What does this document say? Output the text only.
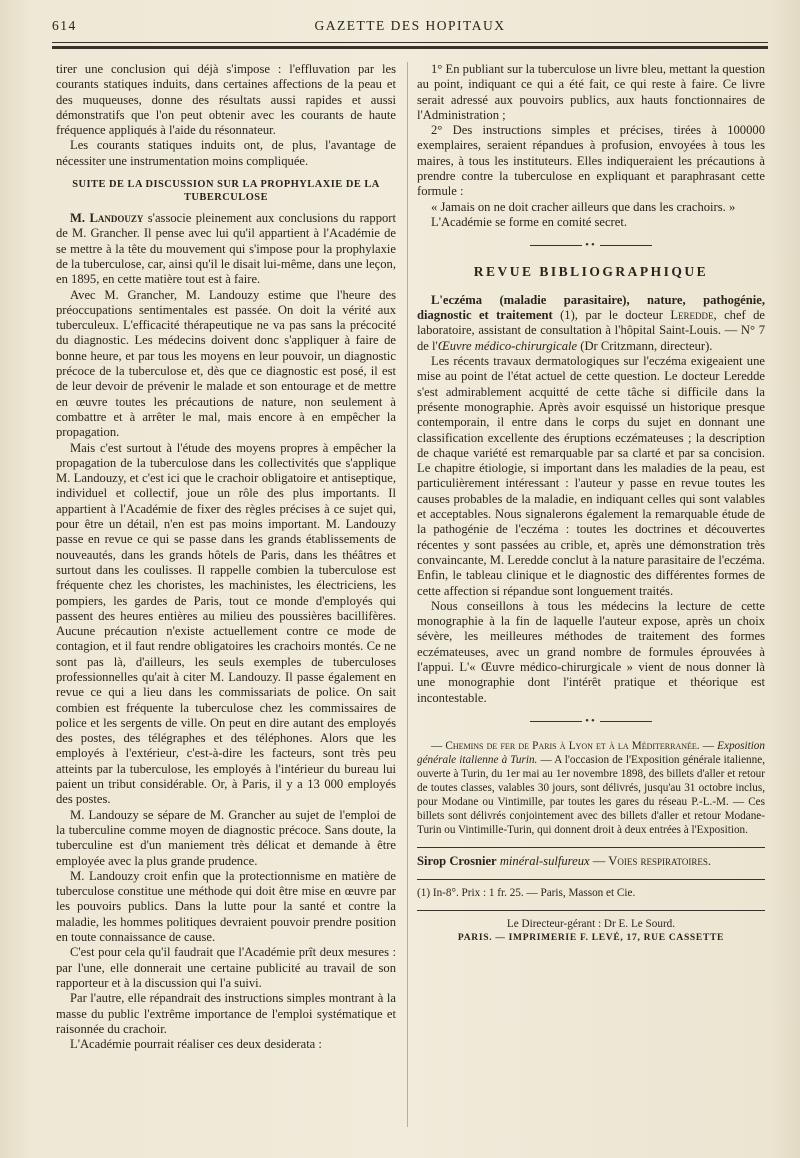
614	GAZETTE DES HOPITAUX

tirer une conclusion qui déjà s'impose : l'effluvation par les courants statiques induits, dans certaines affections de la peau et des muqueuses, donne des résultats aussi rapides et aussi démonstratifs que l'on peut obtenir avec les courants de haute fréquence appliqués à l'aide du résonnateur.

Les courants statiques induits ont, de plus, l'avantage de nécessiter une instrumentation moins compliquée.

SUITE DE LA DISCUSSION SUR LA PROPHYLAXIE DE LA TUBERCULOSE

M. Landouzy s'associe pleinement aux conclusions du rapport de M. Grancher. Il pense avec lui qu'il appartient à l'Académie de se mettre à la tête du mouvement qui s'impose pour la prophylaxie de la tuberculose, car, ainsi qu'il le disait lui-même, dans une leçon, en 1895, en cette matière tout est à faire.

Avec M. Grancher, M. Landouzy estime que l'heure des préoccupations sentimentales est passée. On doit la vérité aux tuberculeux. L'efficacité thérapeutique ne va pas sans la précocité du diagnostic. Les médecins doivent donc s'appliquer à faire de bonne heure, et par tous les moyens en leur pouvoir, un diagnostic précoce de la tuberculose et, dès que ce diagnostic est posé, il est de leur devoir de prévenir le malade et son entourage et de mettre en œuvre toutes les précautions de nature, non seulement à combattre et à arrêter le mal, mais encore à en empêcher la propagation.

Mais c'est surtout à l'étude des moyens propres à empêcher la propagation de la tuberculose dans les collectivités que s'applique M. Landouzy, et c'est ici que le crachoir obligatoire et antiseptique, individuel et collectif, joue un rôle des plus importants. Il appartient à l'Académie de fixer des règles précises à ce sujet qui, pour être un détail, n'en est pas moins important. M. Landouzy passe en revue ce qui se passe dans les grands établissements de nouveautés, dans les grands hôtels de Paris, dans les théâtres et surtout dans les coulisses. Il rappelle combien la tuberculose est fréquente chez les choristes, les machinistes, les électriciens, les pompiers, les gardes de Paris, tout ce monde d'employés qui passent des heures entières au milieu des poussières bacillifères. Aucune précaution n'existe actuellement contre ce mode de contagion, et il faut rendre obligatoires les crachoirs montés. Ce ne sont pas là, d'ailleurs, les seuls exemples de tuberculoses professionnelles qu'ait à citer M. Landouzy. Il passe également en revue ce qui a lieu dans les commissariats de police. On sait combien est fréquente la tuberculose chez les commissaires de police et les sergents de ville. On peut en dire autant des employés des postes, des télégraphes et des téléphones. Alors que les employés à l'extérieur, c'est-à-dire les facteurs, sont très peu atteints par la tuberculose, les employés à l'intérieur du bureau lui paient un tribut considérable. Or, à Paris, il y a 13 000 employés des postes.

M. Landouzy se sépare de M. Grancher au sujet de l'emploi de la tuberculine comme moyen de diagnostic précoce. Sans doute, la tuberculine est d'un maniement très délicat et demande à être employée avec la plus grande prudence.

M. Landouzy croit enfin que la protectionnisme en matière de tuberculose constitue une méthode qui doit être mise en œuvre par les pouvoirs publics. Dans la lutte pour la santé et contre la maladie, les hommes politiques devraient pouvoir prendre position en toute connaissance de cause.

C'est pour cela qu'il faudrait que l'Académie prît deux mesures : par l'une, elle donnerait une certaine publicité au travail de son rapporteur et à la discussion qui l'a suivi.

Par l'autre, elle répandrait des instructions simples montrant à la masse du public l'extrême importance de l'emploi systématique et raisonnée du crachoir.

L'Académie pourrait réaliser ces deux desiderata :

1° En publiant sur la tuberculose un livre bleu, mettant la question au point, indiquant ce qui a été fait, ce qui reste à faire. Ce livre serait adressé aux pouvoirs publics, aux hauts fonctionnaires de l'Administration ;

2° Des instructions simples et précises, tirées à 100000 exemplaires, seraient répandues à profusion, envoyées à tous les maires, à tous les instituteurs. Elles indiqueraient les précautions à prendre contre la tuberculose en expliquant et paraphrasant cette formule :

« Jamais on ne doit cracher ailleurs que dans les crachoirs. »

L'Académie se forme en comité secret.

••
REVUE BIBLIOGRAPHIQUE

L'eczéma (maladie parasitaire), nature, pathogénie, diagnostic et traitement (1), par le docteur Leredde, chef de laboratoire, assistant de consultation à l'hôpital Saint-Louis. — N° 7 de l'Œuvre médico-chirurgicale (Dr Critzmann, directeur).

Les récents travaux dermatologiques sur l'eczéma exigeaient une mise au point de l'état actuel de cette question. Le docteur Leredde s'est admirablement acquitté de cette tâche si difficile dans la présente monographie. Après avoir esquissé un historique presque contemporain, il entre dans le corps du sujet en donnant une classification excellente des éruptions eczémateuses ; la description de chaque variété est remarquable par sa clarté et par sa concision. Le chapitre étiologie, si important dans les maladies de la peau, est particulièrement intéressant : l'auteur y passe en revue toutes les causes probables de la maladie, en indiquant celles qui sont valables et acceptables. Nous signalerons également la remarquable étude de la pathogénie de l'eczéma : toutes les doctrines et découvertes récentes y sont passées au crible, et, après une démonstration très convaincante, M. Leredde conclut à la nature parasitaire de l'eczéma. Enfin, le tableau clinique et le diagnostic des différentes formes de cette affection si répandue sont longuement traités.

Nous conseillons à tous les médecins la lecture de cette monographie à la fin de laquelle l'auteur expose, après un choix sévère, les meilleures méthodes de traitement des formes eczémateuses, avec un grand nombre de formules éprouvées à l'appui. L'« Œuvre médico-chirurgicale » vient de nous donner là une monographie dont l'intérêt pratique et théorique est incontestable.

••

— Chemins de fer de Paris à Lyon et à la Méditerranée. — Exposition générale italienne à Turin. — A l'occasion de l'Exposition générale italienne, ouverte à Turin, du 1er mai au 1er novembre 1898, des billets d'aller et retour de toutes classes, valables 30 jours, sont délivrés, jusqu'au 31 octobre inclus, pour Modane ou Vintimille, par toutes les gares du réseau P.-L.-M. — Ces billets sont délivrés conjointement avec des billets d'aller et retour Modane-Turin ou Vintimille-Turin, qui donnent droit à deux entrées à l'Exposition.

Sirop Crosnier minéral-sulfureux — Voies respiratoires.

(1) In-8°. Prix : 1 fr. 25. — Paris, Masson et Cie.

Le Directeur-gérant : Dr E. Le Sourd.

PARIS. — IMPRIMERIE F. LEVÉ, 17, RUE CASSETTE
